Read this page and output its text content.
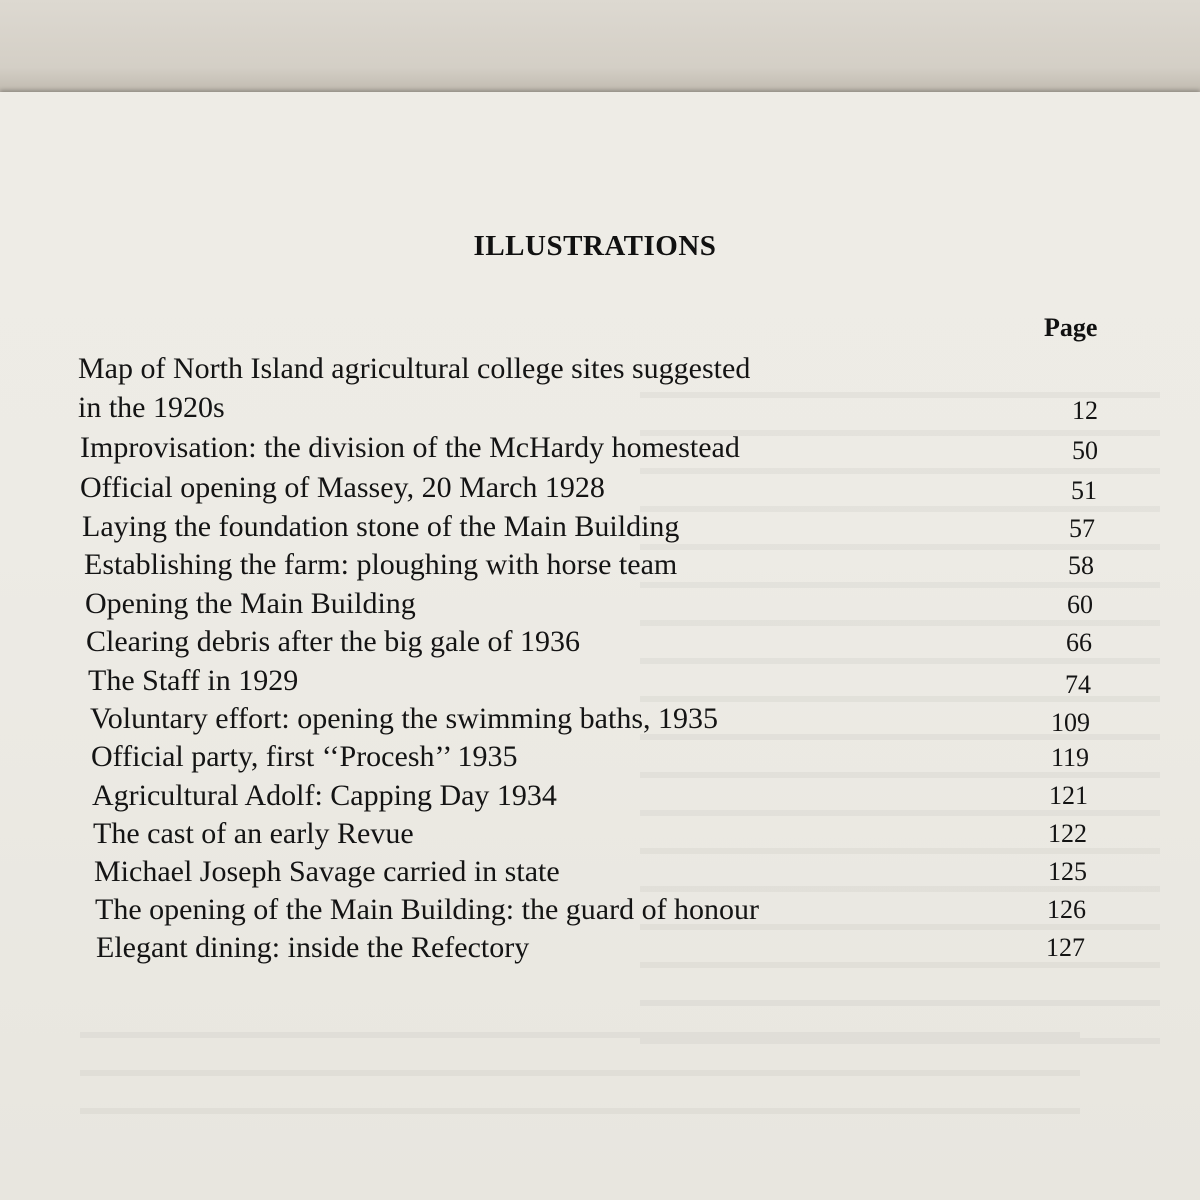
ILLUSTRATIONS
Page
Map of North Island agricultural college sites suggested
in the 1920s	12
Improvisation: the division of the McHardy homestead	50
Official opening of Massey, 20 March 1928	51
Laying the foundation stone of the Main Building	57
Establishing the farm: ploughing with horse team	58
Opening the Main Building	60
Clearing debris after the big gale of 1936	66
The Staff in 1929	74
Voluntary effort: opening the swimming baths, 1935	109
Official party, first ‘‘Procesh’’ 1935	119
Agricultural Adolf: Capping Day 1934	121
The cast of an early Revue	122
Michael Joseph Savage carried in state	125
The opening of the Main Building: the guard of honour	126
Elegant dining: inside the Refectory	127
